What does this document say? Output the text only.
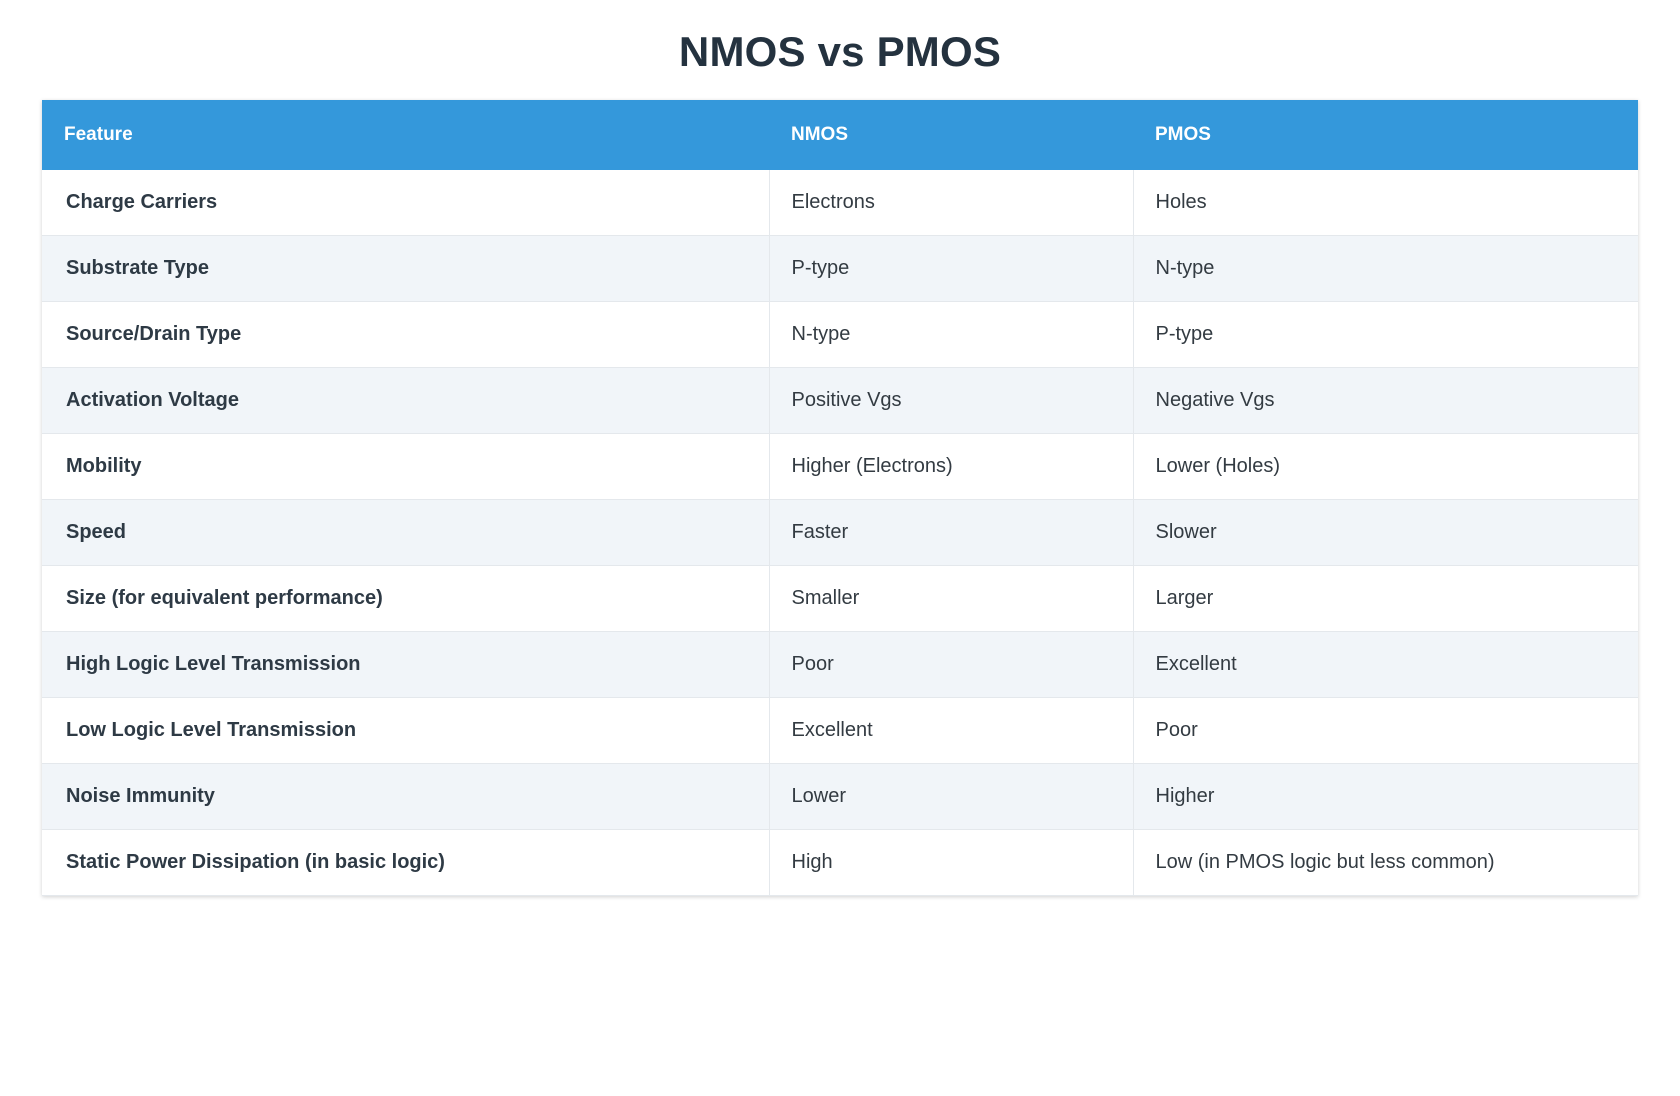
NMOS vs PMOS
Feature	NMOS	PMOS
Charge Carriers	Electrons	Holes
Substrate Type	P-type	N-type
Source/Drain Type	N-type	P-type
Activation Voltage	Positive Vgs	Negative Vgs
Mobility	Higher (Electrons)	Lower (Holes)
Speed	Faster	Slower
Size (for equivalent performance)	Smaller	Larger
High Logic Level Transmission	Poor	Excellent
Low Logic Level Transmission	Excellent	Poor
Noise Immunity	Lower	Higher
Static Power Dissipation (in basic logic)	High	Low (in PMOS logic but less common)
